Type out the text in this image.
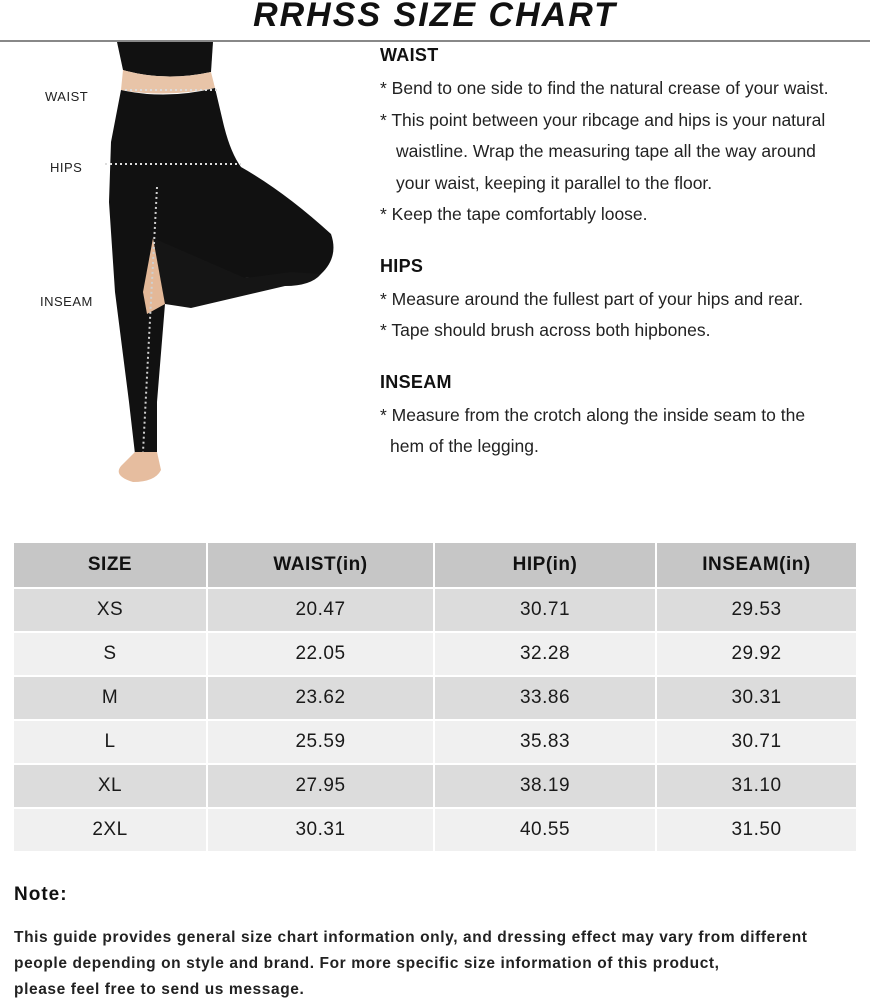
RRHSS SIZE CHART
WAIST
HIPS
INSEAM
WAIST
* Bend to one side to find the natural crease of your waist.
* This point between your ribcage and hips is your natural
waistline. Wrap the measuring tape all the way around
your waist, keeping it parallel to the floor.
* Keep the tape comfortably loose.
HIPS
* Measure around the fullest part of your hips and rear.
* Tape should brush across both hipbones.
INSEAM
* Measure from the crotch along the inside seam to the
hem of the legging.
SIZE	WAIST(in)	HIP(in)	INSEAM(in)
XS	20.47	30.71	29.53
S	22.05	32.28	29.92
M	23.62	33.86	30.31
L	25.59	35.83	30.71
XL	27.95	38.19	31.10
2XL	30.31	40.55	31.50
Note:
This guide provides general size chart information only, and dressing effect may vary from different
people depending on style and brand. For more specific size information of this product,
please feel free to send us message.
